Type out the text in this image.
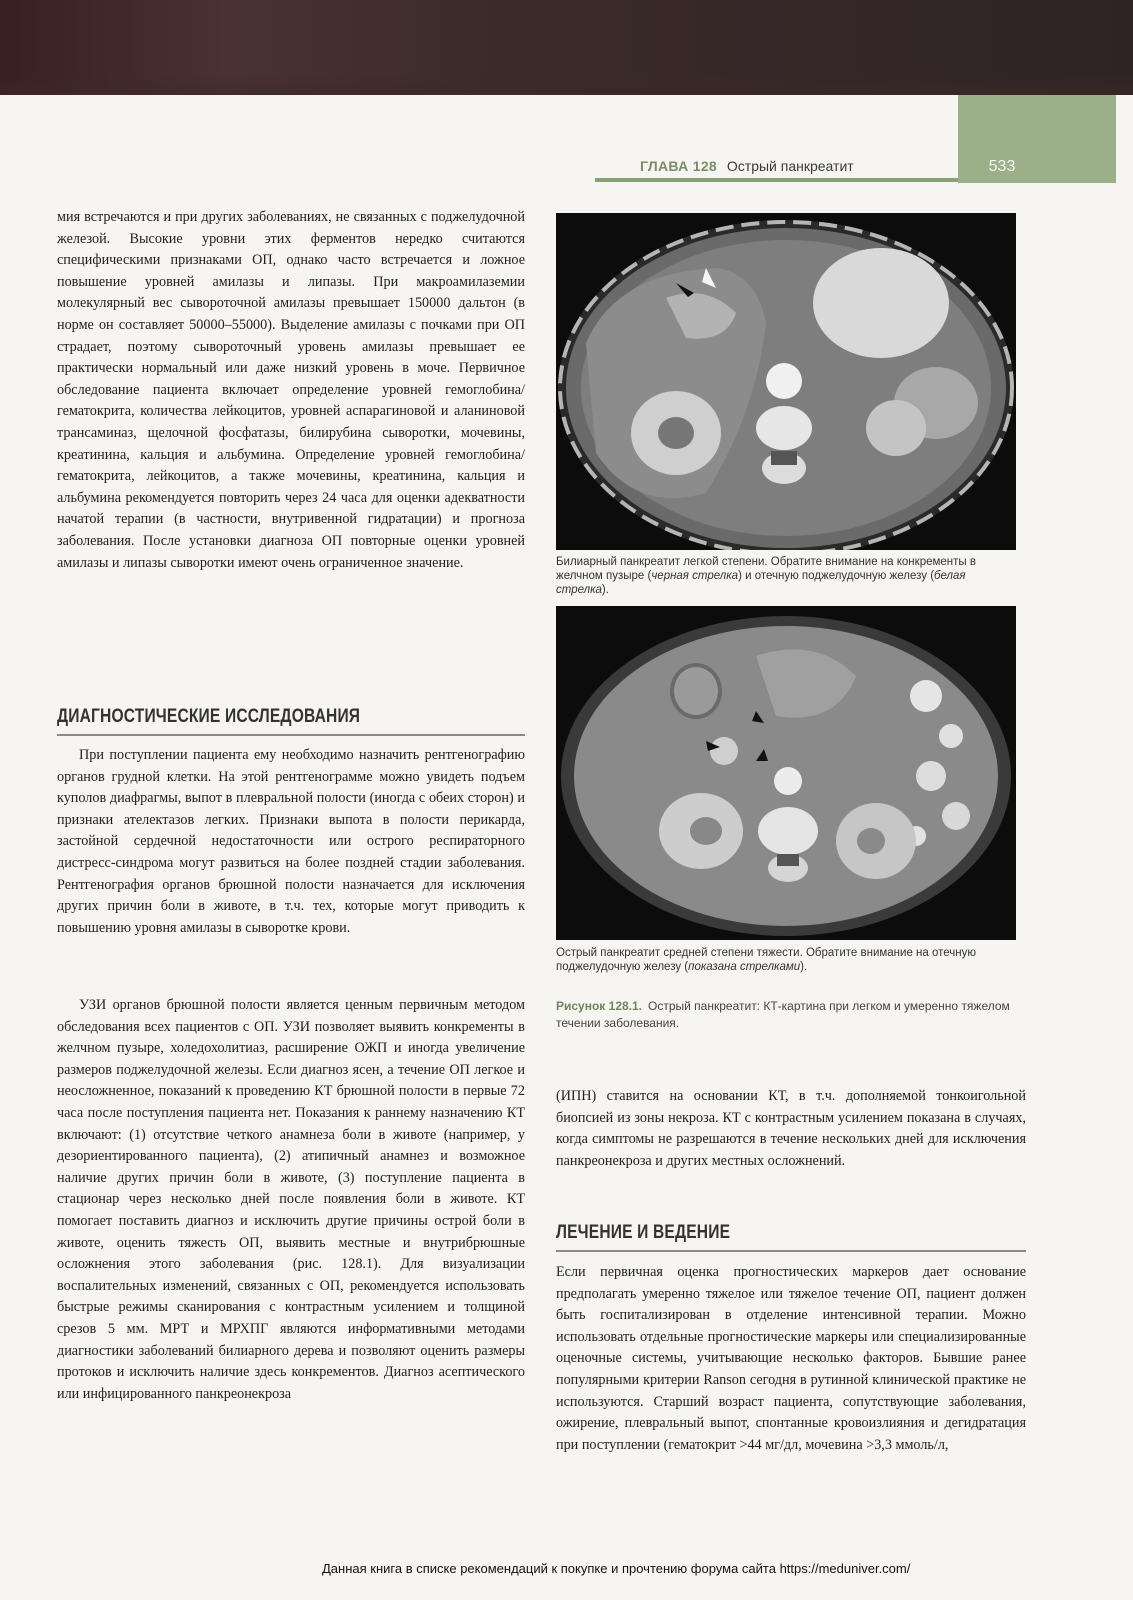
533
ГЛАВА 128 Острый панкреатит

мия встречаются и при других заболеваниях, не связанных с поджелудочной железой. Высокие уровни этих ферментов нередко считаются специфическими признаками ОП, однако часто встречается и ложное повышение уровней амилазы и липазы. При макроамилаземии молекулярный вес сывороточной амилазы превышает 150000 дальтон (в норме он составляет 50000–55000). Выделение амилазы с почками при ОП страдает, поэтому сывороточный уровень амилазы превышает ее практически нормальный или даже низкий уровень в моче. Первичное обследование пациента включает определение уровней гемоглобина/гематокрита, количества лейкоцитов, уровней аспарагиновой и аланиновой трансаминаз, щелочной фосфатазы, билирубина сыворотки, мочевины, креатинина, кальция и альбумина. Определение уровней гемоглобина/гематокрита, лейкоцитов, а также мочевины, креатинина, кальция и альбумина рекомендуется повторить через 24 часа для оценки адекватности начатой терапии (в частности, внутривенной гидратации) и прогноза заболевания. После установки диагноза ОП повторные оценки уровней амилазы и липазы сыворотки имеют очень ограниченное значение.

ДИАГНОСТИЧЕСКИЕ ИССЛЕДОВАНИЯ

При поступлении пациента ему необходимо назначить рентгенографию органов грудной клетки. На этой рентгенограмме можно увидеть подъем куполов диафрагмы, выпот в плевральной полости (иногда с обеих сторон) и признаки ателектазов легких. Признаки выпота в полости перикарда, застойной сердечной недостаточности или острого респираторного дистресс-синдрома могут развиться на более поздней стадии заболевания. Рентгенография органов брюшной полости назначается для исключения других причин боли в животе, в т.ч. тех, которые могут приводить к повышению уровня амилазы в сыворотке крови.

УЗИ органов брюшной полости является ценным первичным методом обследования всех пациентов с ОП. УЗИ позволяет выявить конкременты в желчном пузыре, холедохолитиаз, расширение ОЖП и иногда увеличение размеров поджелудочной железы. Если диагноз ясен, а течение ОП легкое и неосложненное, показаний к проведению КТ брюшной полости в первые 72 часа после поступления пациента нет. Показания к раннему назначению КТ включают: (1) отсутствие четкого анамнеза боли в животе (например, у дезориентированного пациента), (2) атипичный анамнез и возможное наличие других причин боли в животе, (3) поступление пациента в стационар через несколько дней после появления боли в животе. КТ помогает поставить диагноз и исключить другие причины острой боли в животе, оценить тяжесть ОП, выявить местные и внутрибрюшные осложнения этого заболевания (рис. 128.1). Для визуализации воспалительных изменений, связанных с ОП, рекомендуется использовать быстрые режимы сканирования с контрастным усилением и толщиной срезов 5 мм. МРТ и МРХПГ являются информативными методами диагностики заболеваний билиарного дерева и позволяют оценить размеры протоков и исключить наличие здесь конкрементов. Диагноз асептического или инфицированного панкреонекроза

Билиарный панкреатит легкой степени. Обратите внимание на конкременты в желчном пузыре (черная стрелка) и отечную поджелудочную железу (белая стрелка).
Острый панкреатит средней степени тяжести. Обратите внимание на отечную поджелудочную железу (показана стрелками).
Рисунок 128.1. Острый панкреатит: КТ-картина при легком и умеренно тяжелом течении заболевания.

(ИПН) ставится на основании КТ, в т.ч. дополняемой тонкоигольной биопсией из зоны некроза. КТ с контрастным усилением показана в случаях, когда симптомы не разрешаются в течение нескольких дней для исключения панкреонекроза и других местных осложнений.

ЛЕЧЕНИЕ И ВЕДЕНИЕ

Если первичная оценка прогностических маркеров дает основание предполагать умеренно тяжелое или тяжелое течение ОП, пациент должен быть госпитализирован в отделение интенсивной терапии. Можно использовать отдельные прогностические маркеры или специализированные оценочные системы, учитывающие несколько факторов. Бывшие ранее популярными критерии Ranson сегодня в рутинной клинической практике не используются. Старший возраст пациента, сопутствующие заболевания, ожирение, плевральный выпот, спонтанные кровоизлияния и дегидратация при поступлении (гематокрит >44 мг/дл, мочевина >3,3 ммоль/л,

Данная книга в списке рекомендаций к покупке и прочтению форума сайта https://meduniver.com/
